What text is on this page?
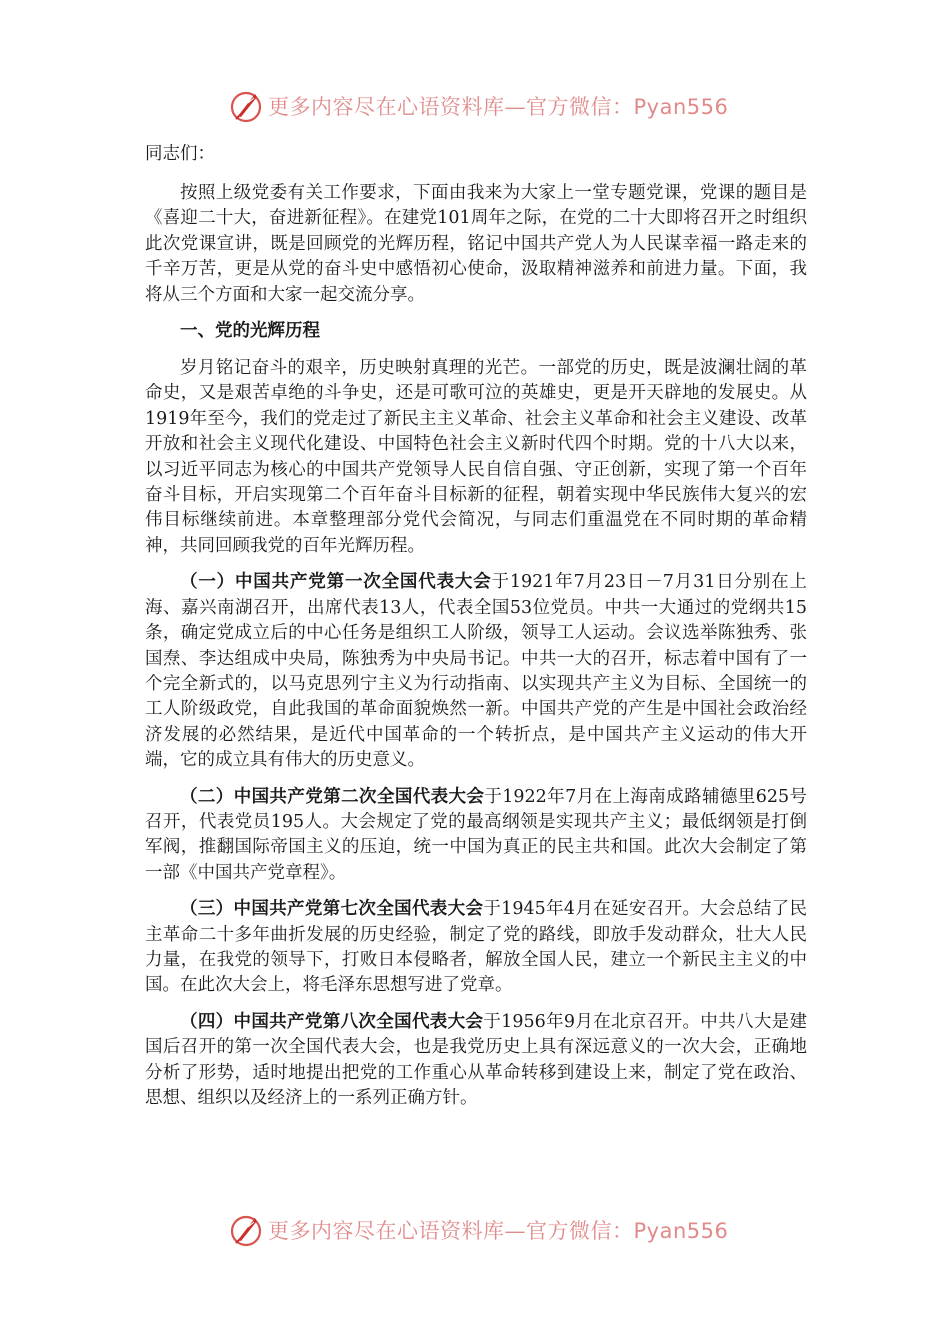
更多内容尽在心语资料库—官方微信：Pyan556
同志们：

按照上级党委有关工作要求，下面由我来为大家上一堂专题党课，党课的题目是《喜迎二十大，奋进新征程》。在建党101周年之际，在党的二十大即将召开之时组织此次党课宣讲，既是回顾党的光辉历程，铭记中国共产党人为人民谋幸福一路走来的千辛万苦，更是从党的奋斗史中感悟初心使命，汲取精神滋养和前进力量。下面，我将从三个方面和大家一起交流分享。

一、党的光辉历程

岁月铭记奋斗的艰辛，历史映射真理的光芒。一部党的历史，既是波澜壮阔的革命史，又是艰苦卓绝的斗争史，还是可歌可泣的英雄史，更是开天辟地的发展史。从1919年至今，我们的党走过了新民主主义革命、社会主义革命和社会主义建设、改革开放和社会主义现代化建设、中国特色社会主义新时代四个时期。党的十八大以来，以习近平同志为核心的中国共产党领导人民自信自强、守正创新，实现了第一个百年奋斗目标，开启实现第二个百年奋斗目标新的征程，朝着实现中华民族伟大复兴的宏伟目标继续前进。本章整理部分党代会简况，与同志们重温党在不同时期的革命精神，共同回顾我党的百年光辉历程。

（一）中国共产党第一次全国代表大会于1921年7月23日－7月31日分别在上海、嘉兴南湖召开，出席代表13人，代表全国53位党员。中共一大通过的党纲共15条，确定党成立后的中心任务是组织工人阶级，领导工人运动。会议选举陈独秀、张国焘、李达组成中央局，陈独秀为中央局书记。中共一大的召开，标志着中国有了一个完全新式的，以马克思列宁主义为行动指南、以实现共产主义为目标、全国统一的工人阶级政党，自此我国的革命面貌焕然一新。中国共产党的产生是中国社会政治经济发展的必然结果，是近代中国革命的一个转折点，是中国共产主义运动的伟大开端，它的成立具有伟大的历史意义。

（二）中国共产党第二次全国代表大会于1922年7月在上海南成路辅德里625号召开，代表党员195人。大会规定了党的最高纲领是实现共产主义；最低纲领是打倒军阀，推翻国际帝国主义的压迫，统一中国为真正的民主共和国。此次大会制定了第一部《中国共产党章程》。

（三）中国共产党第七次全国代表大会于1945年4月在延安召开。大会总结了民主革命二十多年曲折发展的历史经验，制定了党的路线，即放手发动群众，壮大人民力量，在我党的领导下，打败日本侵略者，解放全国人民，建立一个新民主主义的中国。在此次大会上，将毛泽东思想写进了党章。

（四）中国共产党第八次全国代表大会于1956年9月在北京召开。中共八大是建国后召开的第一次全国代表大会，也是我党历史上具有深远意义的一次大会，正确地分析了形势，适时地提出把党的工作重心从革命转移到建设上来，制定了党在政治、思想、组织以及经济上的一系列正确方针。

更多内容尽在心语资料库—官方微信：Pyan556
